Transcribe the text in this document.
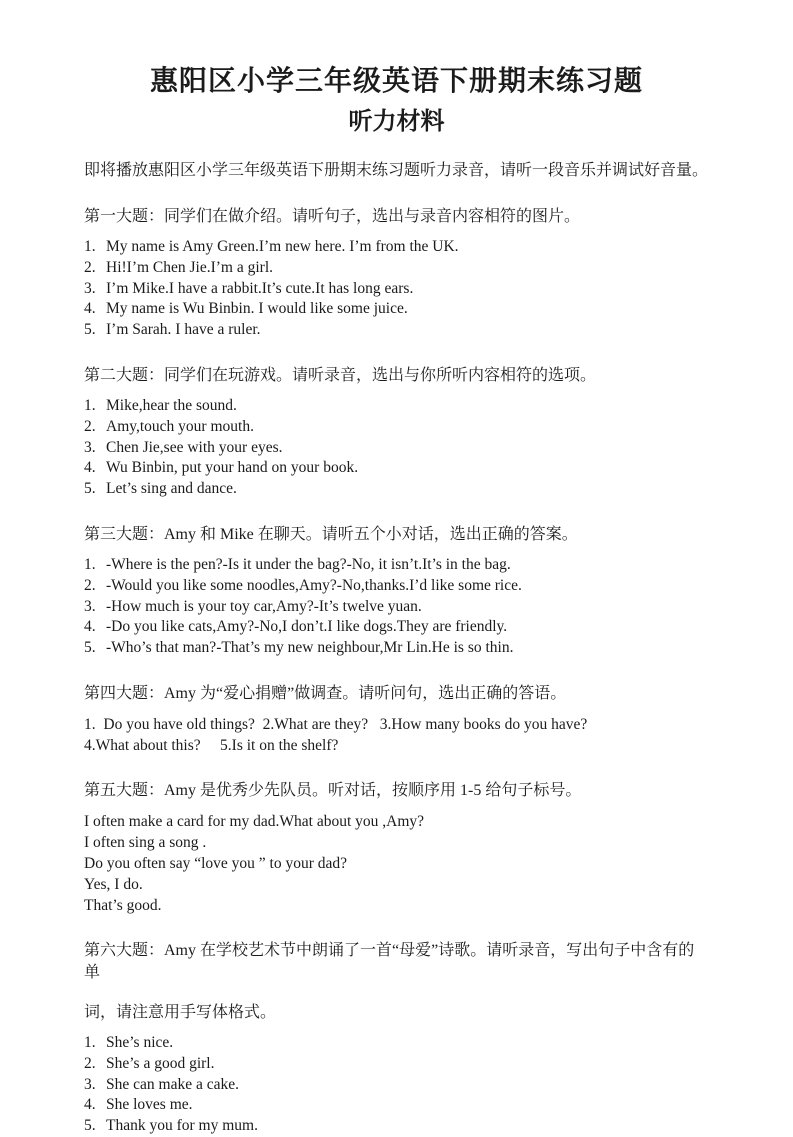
惠阳区小学三年级英语下册期末练习题
听力材料

即将播放惠阳区小学三年级英语下册期末练习题听力录音，请听一段音乐并调试好音量。

第一大题：同学们在做介绍。请听句子，选出与录音内容相符的图片。

1. My name is Amy Green.I’m new here. I’m from the UK.
2. Hi!I’m Chen Jie.I’m a girl.
3. I’m Mike.I have a rabbit.It’s cute.It has long ears.
4. My name is Wu Binbin. I would like some juice.
5. I’m Sarah. I have a ruler.

第二大题：同学们在玩游戏。请听录音，选出与你所听内容相符的选项。

1. Mike,hear the sound.
2. Amy,touch your mouth.
3. Chen Jie,see with your eyes.
4. Wu Binbin, put your hand on your book.
5. Let’s sing and dance.

第三大题：Amy 和 Mike 在聊天。请听五个小对话，选出正确的答案。

1. -Where is the pen?-Is it under the bag?-No, it isn’t.It’s in the bag.
2. -Would you like some noodles,Amy?-No,thanks.I’d like some rice.
3. -How much is your toy car,Amy?-It’s twelve yuan.
4. -Do you like cats,Amy?-No,I don’t.I like dogs.They are friendly.
5. -Who’s that man?-That’s my new neighbour,Mr Lin.He is so thin.

第四大题：Amy 为“爱心捐赠”做调查。请听问句，选出正确的答语。

1.  Do you have old things?  2.What are they?   3.How many books do you have?

4.What about this?     5.Is it on the shelf?

第五大题：Amy 是优秀少先队员。听对话，按顺序用 1-5 给句子标号。

I often make a card for my dad.What about you ,Amy?

I often sing a song .

Do you often say “love you ” to your dad?

Yes, I do.

That’s good.

第六大题：Amy 在学校艺术节中朗诵了一首“母爱”诗歌。请听录音，写出句子中含有的单

词，请注意用手写体格式。

1. She’s nice.
2. She’s a good girl.
3. She can make a cake.
4. She loves me.
5. Thank you for my mum.
